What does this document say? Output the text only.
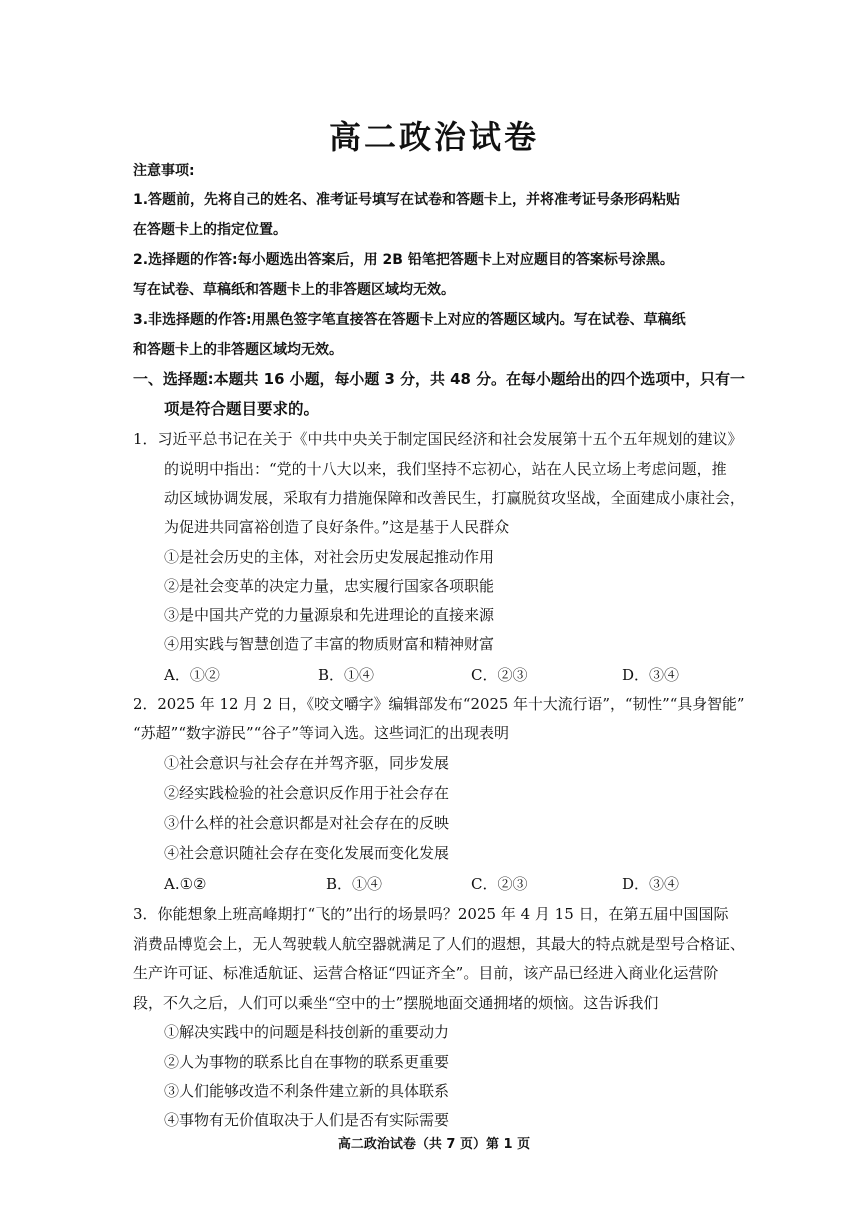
高二政治试卷
注意事项:
1.答题前，先将自己的姓名、准考证号填写在试卷和答题卡上，并将准考证号条形码粘贴
在答题卡上的指定位置。
2.选择题的作答:每小题选出答案后，用 2B 铅笔把答题卡上对应题目的答案标号涂黑。
写在试卷、草稿纸和答题卡上的非答题区域均无效。
3.非选择题的作答:用黑色签字笔直接答在答题卡上对应的答题区域内。写在试卷、草稿纸
和答题卡上的非答题区域均无效。
一、选择题:本题共 16 小题，每小题 3 分，共 48 分。在每小题给出的四个选项中，只有一
项是符合题目要求的。
1．习近平总书记在关于《中共中央关于制定国民经济和社会发展第十五个五年规划的建议》
的说明中指出：“党的十八大以来，我们坚持不忘初心，站在人民立场上考虑问题，推
动区域协调发展，采取有力措施保障和改善民生，打赢脱贫攻坚战，全面建成小康社会，
为促进共同富裕创造了良好条件。”这是基于人民群众
①是社会历史的主体，对社会历史发展起推动作用
②是社会变革的决定力量，忠实履行国家各项职能
③是中国共产党的力量源泉和先进理论的直接来源
④用实践与智慧创造了丰富的物质财富和精神财富
A．①②	B．①④	C．②③	D．③④
2．2025 年 12 月 2 日，《咬文嚼字》编辑部发布“2025 年十大流行语”，“韧性”“具身智能”
“苏超”“数字游民”“谷子”等词入选。这些词汇的出现表明
①社会意识与社会存在并驾齐驱，同步发展
②经实践检验的社会意识反作用于社会存在
③什么样的社会意识都是对社会存在的反映
④社会意识随社会存在变化发展而变化发展
A.①②	B．①④	C．②③	D．③④
3．你能想象上班高峰期打“飞的”出行的场景吗？2025 年 4 月 15 日，在第五届中国国际
消费品博览会上，无人驾驶载人航空器就满足了人们的遐想，其最大的特点就是型号合格证、
生产许可证、标准适航证、运营合格证“四证齐全”。目前，该产品已经进入商业化运营阶
段，不久之后，人们可以乘坐“空中的士”摆脱地面交通拥堵的烦恼。这告诉我们
①解决实践中的问题是科技创新的重要动力
②人为事物的联系比自在事物的联系更重要
③人们能够改造不利条件建立新的具体联系
④事物有无价值取决于人们是否有实际需要
高二政治试卷（共 7 页）第 1 页
